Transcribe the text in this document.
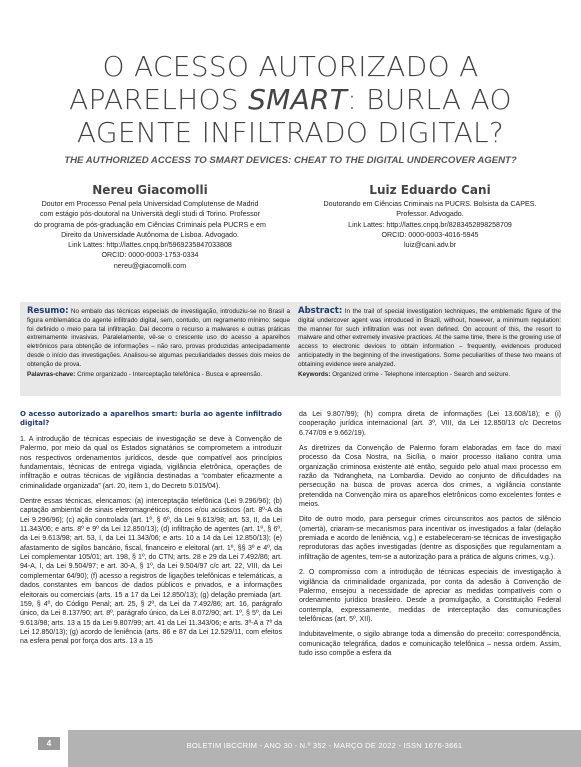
O ACESSO AUTORIZADO A
APARELHOS SMART: BURLA AO
AGENTE INFILTRADO DIGITAL?
THE AUTHORIZED ACCESS TO SMART DEVICES: CHEAT TO THE DIGITAL UNDERCOVER AGENT?
Nereu Giacomolli
Doutor em Processo Penal pela Universidad Complutense de Madrid
com estágio pós-doutoral na Università degli studi di Torino. Professor
do programa de pós-graduação em Ciências Criminais pela PUCRS e em
Direito da Universidade Autônoma de Lisboa. Advogado.
Link Lattes: http://lattes.cnpq.br/5969235847033808
ORCID: 0000-0003-1753-0334
nereu@giacomolli.com
Luiz Eduardo Cani
Doutorando em Ciências Criminais na PUCRS. Bolsista da CAPES.
Professor. Advogado.
Link Lattes: http://lattes.cnpq.br/8283452898258709
ORCID: 0000-0003-4016-5945
luiz@cani.adv.br
Resumo: No embalo das técnicas especiais de investigação, introduziu-se no Brasil a figura emblemática do agente infiltrado digital, sem, contudo, um regramento mínimo: seque foi definido o meio para tal infiltração. Daí decorre o recurso a malwares e outras práticas extremamente invasivas. Paralelamente, vê-se o crescente uso do acesso a aparelhos eletrônicos para obtenção de informações – não raro, provas produzidas antecipadamente desde o início das investigações. Analisou-se algumas peculiaridades desses dois meios de obtenção de prova.
Palavras-chave: Crime organizado - Interceptação telefônica - Busca e apreensão.
Abstract: In the trail of special investigation techniques, the emblematic figure of the digital undercover agent was introduced in Brazil, without, however, a minimum regulation: the manner for such infiltration was not even defined. On account of this, the resort to malware and other extremely invasive practices. At the same time, there is the growing use of access to electronic devices to obtain information – frequently, evidences produced anticipatedly in the beginning of the investigations. Some peculiarities of these two means of obtaining evidence were analyzed.
Keywords: Organized crime - Telephone interception - Search and seizure.
O acesso autorizado a aparelhos smart: burla ao agente infiltrado digital?

1. A introdução de técnicas especiais de investigação se deve à Convenção de Palermo, por meio da qual os Estados signatários se comprometem a introduzir nos respectivos ordenamentos jurídicos, desde que compatível aos princípios fundamentais, técnicas de entrega vigiada, vigilância eletrônica, operações de infiltração e outras técnicas de vigilância destinadas a “combater eficazmente a criminalidade organizada” (art. 20, item 1, do Decreto 5.015/04).

Dentre essas técnicas, elencamos: (a) interceptação telefônica (Lei 9.296/96); (b) captação ambiental de sinais eletromagnéticos, óticos e/ou acústicos (art. 8º-A da Lei 9.296/96); (c) ação controlada (art. 1º, § 6º, da Lei 9.613/98; art. 53, II, da Lei 11.343/06; e arts. 8º e 9º da Lei 12.850/13); (d) infiltração de agentes (art. 1º, § 6º, da Lei 9.613/98; art. 53, I, da Lei 11.343/06; e arts. 10 a 14 da Lei 12.850/13); (e) afastamento de sigilos bancário, fiscal, financeiro e eleitoral (art. 1º, §§ 3º e 4º, da Lei complementar 105/01; art. 198, § 1º, do CTN; arts. 28 e 29 da Lei 7.492/86; art. 94-A, I, da Lei 9.504/97; e art. 30-A, § 1º, da Lei 9.504/97 c/c art. 22, VIII, da Lei complementar 64/90); (f) acesso a registros de ligações telefônicas e telemáticas, a dados constantes em bancos de dados públicos e privados, e a informações eleitorais ou comerciais (arts. 15 a 17 da Lei 12.850/13); (g) delação premiada (art. 159, § 4º, do Código Penal; art. 25, § 2º, da Lei da 7.492/86; art. 16, parágrafo único, da Lei 8.137/90; art. 8º, parágrafo único, da Lei 8.072/90; art. 1º, § 5º, da Lei 9.613/98; arts. 13 a 15 da Lei 9.807/99; art. 41 da Lei 11.343/06; e arts. 3º-A a 7º da Lei 12.850/13); (g) acordo de leniência (arts. 86 e 87 da Lei 12.529/11, com efeitos na esfera penal por força dos arts. 13 a 15

da Lei 9.807/99); (h) compra direta de informações (Lei 13.608/18); e (i) cooperação jurídica internacional (art. 3º, VIII, da Lei 12.850/13 c/c Decretos 6.747/09 e 9.662/19).

As diretrizes da Convenção de Palermo foram elaboradas em face do maxi processo da Cosa Nostra, na Sicília, o maior processo italiano contra uma organização criminosa existente até então, seguido pelo atual maxi processo em razão da ’Ndrangheta, na Lombardia. Devido ao conjunto de dificuldades na persecução na busca de provas acerca dos crimes, a vigilância constante pretendida na Convenção mira os aparelhos eletrônicos como excelentes fontes e meios.

Dito de outro modo, para perseguir crimes circunscritos aos pactos de silêncio (omertà), criaram-se mecanismos para incentivar os investigados a falar (delação premiada e acordo de leniência, v.g.) e estabeleceram-se técnicas de investigação reprodutoras das ações investigadas (dentre as disposições que regulamentam a infiltração de agentes, tem-se a autorização para a prática de alguns crimes, v.g.).

2. O compromisso com a introdução de técnicas especiais de investigação à vigilância da criminalidade organizada, por conta da adesão à Convenção de Palermo, ensejou a necessidade de apreciar as medidas compatíveis com o ordenamento jurídico brasileiro. Desde a promulgação, a Constituição Federal contempla, expressamente, medidas de interceptação das comunicações telefônicas (art. 5º, XII).

Indubitavelmente, o sigilo abrange toda a dimensão do preceito: correspondência, comunicação telegráfica, dados e comunicação telefônica – nessa ordem. Assim, tudo isso compõe a esfera da

4	BOLETIM IBCCRIM - ANO 30 - N.º 352 - MARÇO DE 2022 - ISSN 1676-3661
